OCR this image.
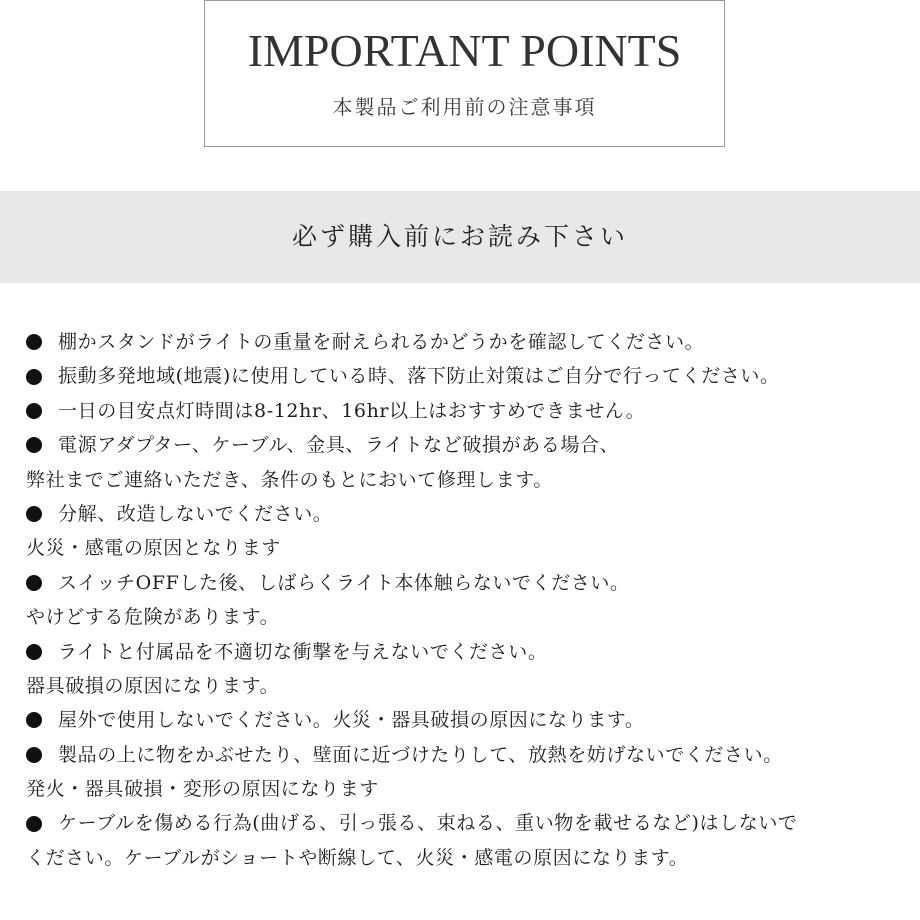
IMPORTANT POINTS
本製品ご利用前の注意事項
必ず購入前にお読み下さい
棚かスタンドがライトの重量を耐えられるかどうかを確認してください。
振動多発地域(地震)に使用している時、落下防止対策はご自分で行ってください。
一日の目安点灯時間は8-12hr、16hr以上はおすすめできません。
電源アダプター、ケーブル、金具、ライトなど破損がある場合、
弊社までご連絡いただき、条件のもとにおいて修理します。
分解、改造しないでください。
火災・感電の原因となります
スイッチOFFした後、しばらくライト本体触らないでください。
やけどする危険があります。
ライトと付属品を不適切な衝撃を与えないでください。
器具破損の原因になります。
屋外で使用しないでください。火災・器具破損の原因になります。
製品の上に物をかぶせたり、壁面に近づけたりして、放熱を妨げないでください。
発火・器具破損・変形の原因になります
ケーブルを傷める行為(曲げる、引っ張る、束ねる、重い物を載せるなど)はしないで
ください。ケーブルがショートや断線して、火災・感電の原因になります。
